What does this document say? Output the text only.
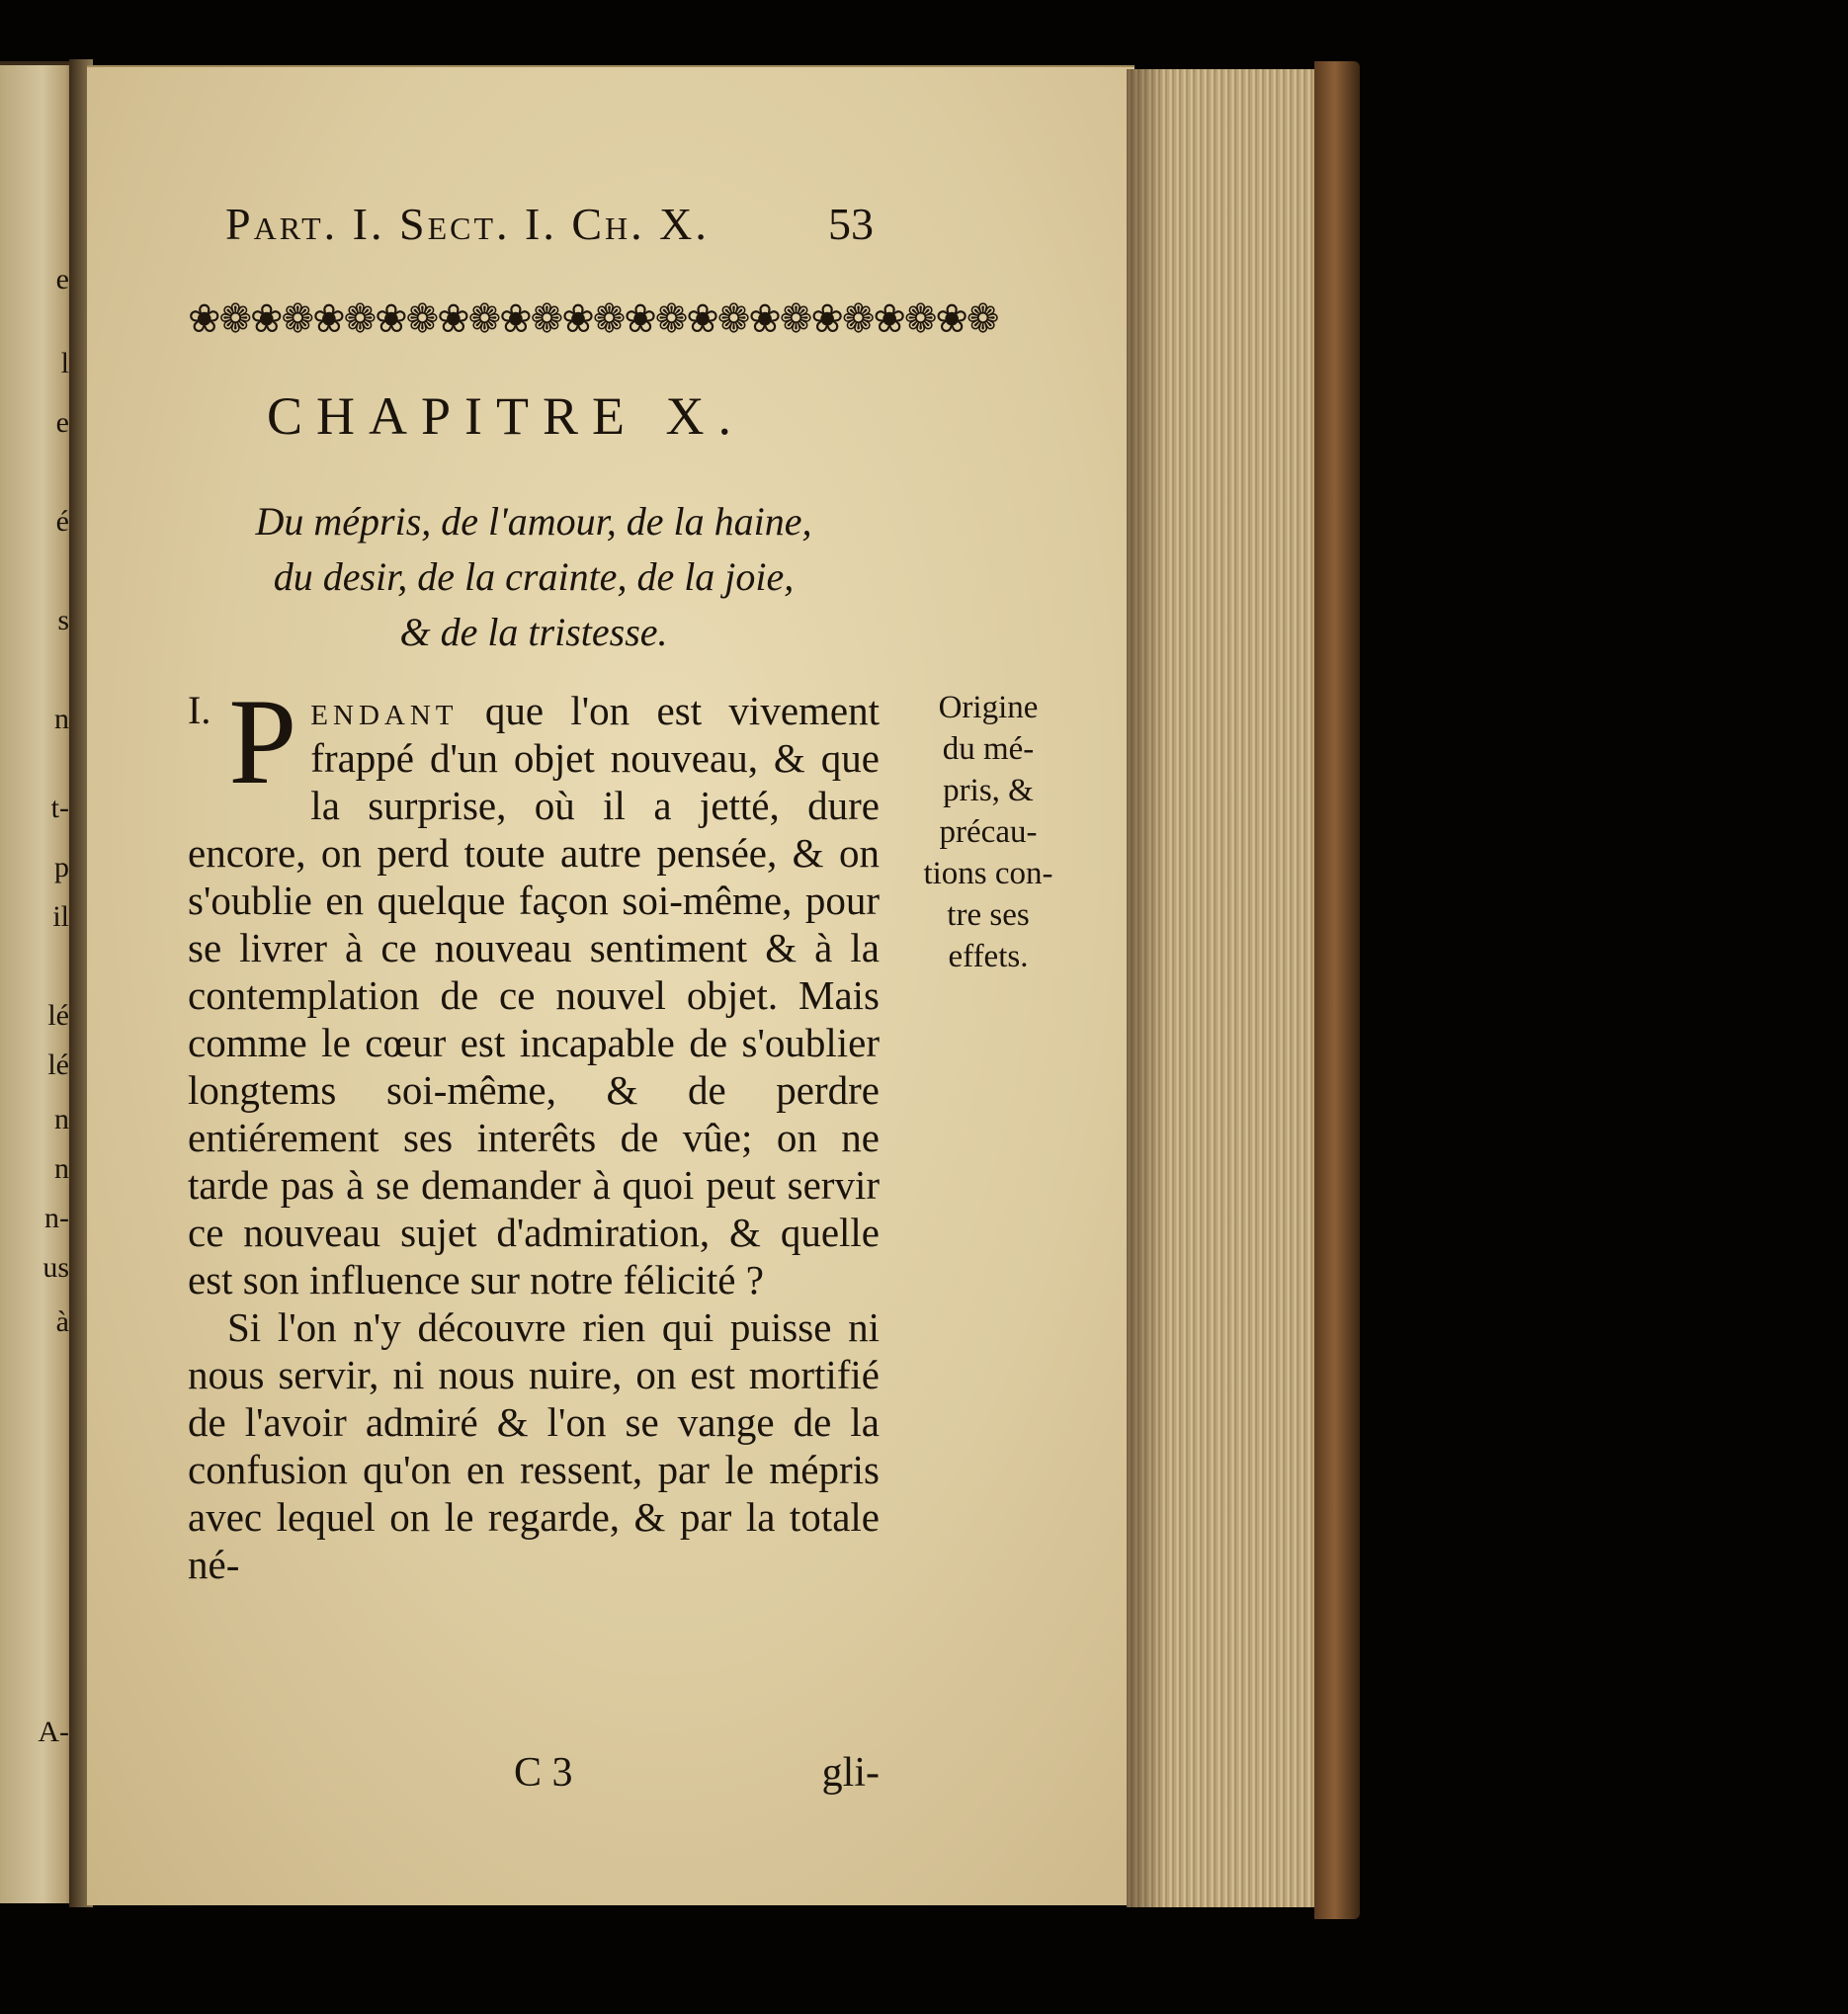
e
l
e
é
s
n
t-
p
il
lé
lé
n
n
n-
us
à
A-
Part. I. Sect. I. Ch. X.	53
❀❁❀❁❀❁❀❁❀❁❀❁❀❁❀❁❀❁❀❁❀❁❀❁❀❁
CHAPITRE X.
Du mépris, de l'amour, de la haine,
du desir, de la crainte, de la joie,
& de la tristesse.

I. P endant que l'on est vivement frappé d'un objet nouveau, & que la surprise, où il a jetté, dure encore, on perd toute autre pensée, & on s'oublie en quelque façon soi-même, pour se livrer à ce nouveau sentiment & à la contemplation de ce nouvel objet. Mais comme le cœur est incapable de s'oublier longtems soi-même, & de perdre entiérement ses interêts de vûe; on ne tarde pas à se demander à quoi peut servir ce nouveau sujet d'admiration, & quelle est son influence sur notre félicité ?

Si l'on n'y découvre rien qui puisse ni nous servir, ni nous nuire, on est mortifié de l'avoir admiré & l'on se vange de la confusion qu'on en ressent, par le mépris avec lequel on le regarde, & par la totale né-

Origine
du mé-
pris, &
précau-
tions con-
tre ses
effets.
C 3	gli-
